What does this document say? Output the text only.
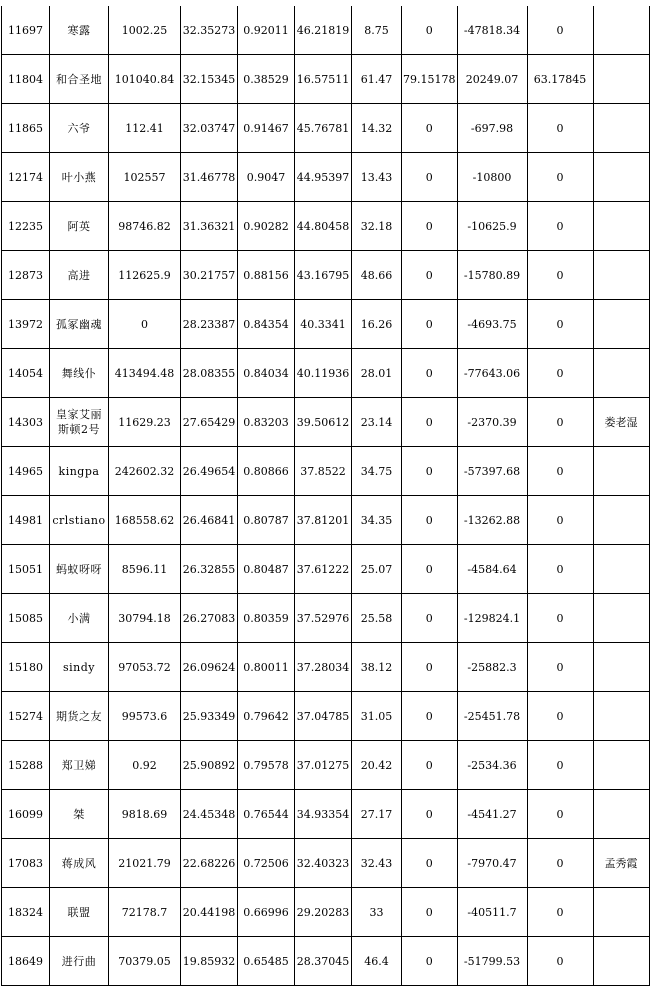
11697	寒露	1002.25	32.35273	0.92011	46.21819	8.75	0	-47818.34	0	
11804	和合圣地	101040.84	32.15345	0.38529	16.57511	61.47	79.15178	20249.07	63.17845	
11865	六爷	112.41	32.03747	0.91467	45.76781	14.32	0	-697.98	0	
12174	叶小燕	102557	31.46778	0.9047	44.95397	13.43	0	-10800	0	
12235	阿英	98746.82	31.36321	0.90282	44.80458	32.18	0	-10625.9	0	
12873	高进	112625.9	30.21757	0.88156	43.16795	48.66	0	-15780.89	0	
13972	孤冢幽魂	0	28.23387	0.84354	40.3341	16.26	0	-4693.75	0	
14054	舞线仆	413494.48	28.08355	0.84034	40.11936	28.01	0	-77643.06	0	
14303	皇家艾丽斯顿2号	11629.23	27.65429	0.83203	39.50612	23.14	0	-2370.39	0	娄老湿
14965	kingpa	242602.32	26.49654	0.80866	37.8522	34.75	0	-57397.68	0	
14981	crlstiano	168558.62	26.46841	0.80787	37.81201	34.35	0	-13262.88	0	
15051	蚂蚁呀呀	8596.11	26.32855	0.80487	37.61222	25.07	0	-4584.64	0	
15085	小满	30794.18	26.27083	0.80359	37.52976	25.58	0	-129824.1	0	
15180	sindy	97053.72	26.09624	0.80011	37.28034	38.12	0	-25882.3	0	
15274	期货之友	99573.6	25.93349	0.79642	37.04785	31.05	0	-25451.78	0	
15288	郑卫娣	0.92	25.90892	0.79578	37.01275	20.42	0	-2534.36	0	
16099	桀	9818.69	24.45348	0.76544	34.93354	27.17	0	-4541.27	0	
17083	蒋成风	21021.79	22.68226	0.72506	32.40323	32.43	0	-7970.47	0	孟秀霞
18324	联盟	72178.7	20.44198	0.66996	29.20283	33	0	-40511.7	0	
18649	进行曲	70379.05	19.85932	0.65485	28.37045	46.4	0	-51799.53	0	
